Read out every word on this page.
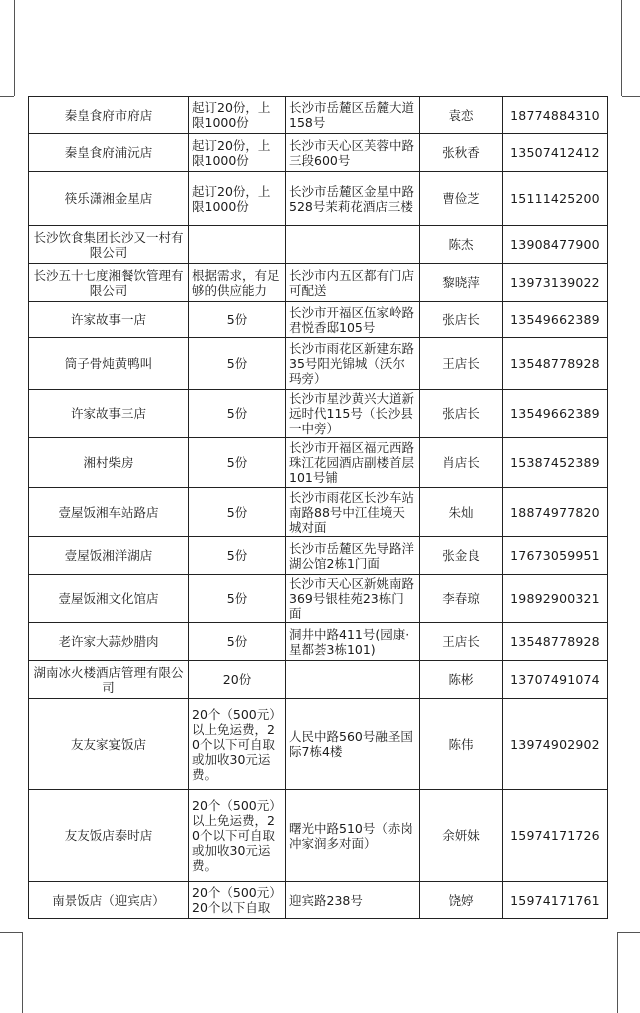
秦皇食府市府店	起订20份，上限1000份	长沙市岳麓区岳麓大道158号	袁恋	18774884310
秦皇食府浦沅店	起订20份，上限1000份	长沙市天心区芙蓉中路三段600号	张秋香	13507412412
筷乐潇湘金星店	起订20份，上限1000份	长沙市岳麓区金星中路528号茉莉花酒店三楼	曹俭芝	15111425200
长沙饮食集团长沙又一村有限公司			陈杰	13908477900
长沙五十七度湘餐饮管理有限公司	根据需求，有足够的供应能力	长沙市内五区都有门店可配送	黎晓萍	13973139022
许家故事一店	5份	长沙市开福区伍家岭路君悦香邸105号	张店长	13549662389
筒子骨炖黄鸭叫	5份	长沙市雨花区新建东路35号阳光锦城（沃尔玛旁）	王店长	13548778928
许家故事三店	5份	长沙市星沙黄兴大道新远时代115号（长沙县一中旁）	张店长	13549662389
湘村柴房	5份	长沙市开福区福元西路珠江花园酒店副楼首层101号铺	肖店长	15387452389
壹屋饭湘车站路店	5份	长沙市雨花区长沙车站南路88号中江佳境天城对面	朱灿	18874977820
壹屋饭湘洋湖店	5份	长沙市岳麓区先导路洋湖公馆2栋1门面	张金良	17673059951
壹屋饭湘文化馆店	5份	长沙市天心区新姚南路369号银桂苑23栋门面	李春琼	19892900321
老许家大蒜炒腊肉	5份	洞井中路411号(园康·星都荟3栋101)	王店长	13548778928
湖南冰火楼酒店管理有限公司	20份		陈彬	13707491074
友友家宴饭店	20个（500元）以上免运费，20个以下可自取或加收30元运费。	人民中路560号融圣国际7栋4楼	陈伟	13974902902
友友饭店泰时店	20个（500元）以上免运费，20个以下可自取或加收30元运费。	曙光中路510号（赤岗冲家润多对面）	余妍妹	15974171726
南景饭店（迎宾店）	20个（500元）20个以下自取	迎宾路238号	饶婷	15974171761
